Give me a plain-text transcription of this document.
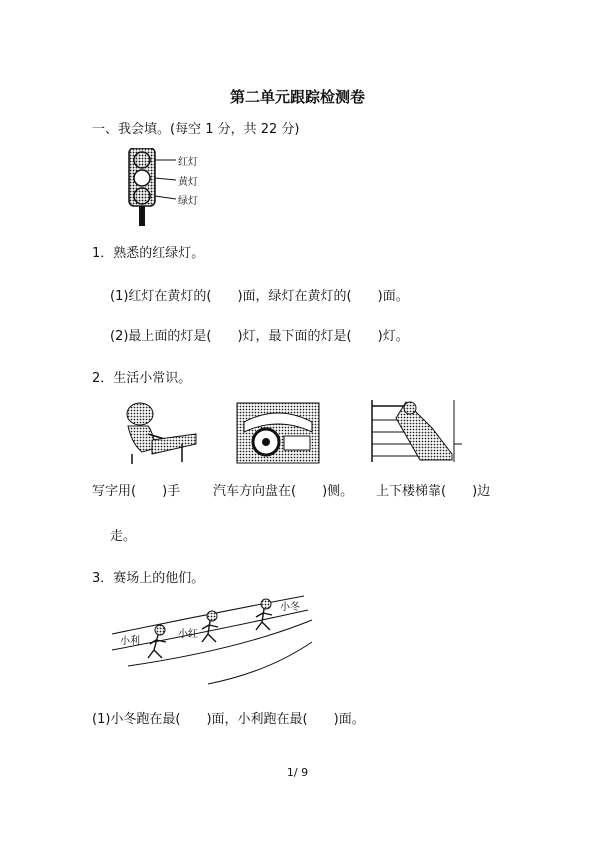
第二单元跟踪检测卷
一、我会填。(每空 1 分，共 22 分)
红灯
黄灯
绿灯
1．熟悉的红绿灯。
(1)红灯在黄灯的(　　)面，绿灯在黄灯的(　　)面。
(2)最上面的灯是(　　)灯，最下面的灯是(　　)灯。
2．生活小常识。
写字用(　　)手	汽车方向盘在(　　)侧。 上下楼梯靠(　　)边
走。
3．赛场上的他们。
小冬
小红
小利
(1)小冬跑在最(　　)面，小利跑在最(　　)面。
1/ 9
